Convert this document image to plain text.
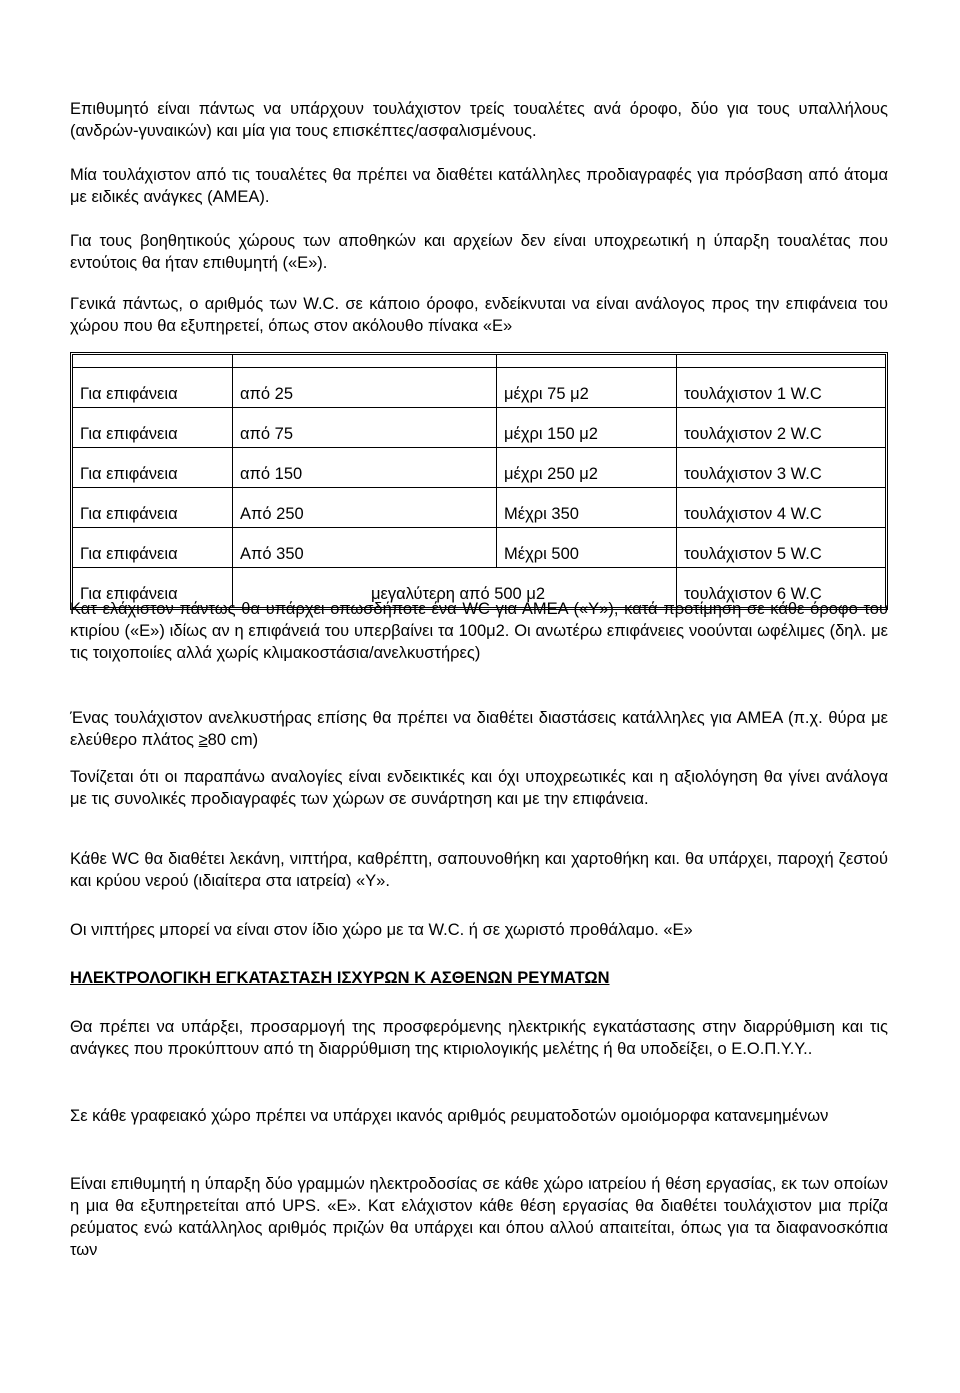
Επιθυμητό είναι πάντως να υπάρχουν τουλάχιστον τρείς τουαλέτες ανά όροφο, δύο για τους υπαλλήλους (ανδρών-γυναικών) και μία για τους επισκέπτες/ασφαλισμένους.

Μία τουλάχιστον από τις τουαλέτες θα πρέπει να διαθέτει κατάλληλες προδιαγραφές για πρόσβαση από άτομα με ειδικές ανάγκες (ΑΜΕΑ).

Για τους βοηθητικούς χώρους των αποθηκών και αρχείων δεν είναι υποχρεωτική η ύπαρξη τουαλέτας που εντούτοις θα ήταν επιθυμητή («Ε»).

Γενικά πάντως, ο αριθμός των W.C. σε κάποιο όροφο, ενδείκνυται να είναι ανάλογος προς την επιφάνεια του χώρου που θα εξυπηρετεί, όπως στον ακόλουθο πίνακα «Ε»

Για επιφάνεια	από 25	μέχρι 75 μ2	τουλάχιστον 1 W.C
Για επιφάνεια	από 75	μέχρι 150 μ2	τουλάχιστον 2 W.C
Για επιφάνεια	από 150	μέχρι 250 μ2	τουλάχιστον 3 W.C
Για επιφάνεια	Από 250	Μέχρι 350	τουλάχιστον 4 W.C
Για επιφάνεια	Από 350	Μέχρι 500	τουλάχιστον 5 W.C
Για επιφάνεια	μεγαλύτερη από 500 μ2		τουλάχιστον 6 W.C

Κατ ελάχιστον πάντως θα υπάρχει οπωσδήποτε ένα WC για ΑΜΕΑ («Υ»), κατά προτίμηση σε κάθε όροφο του κτιρίου («Ε») ιδίως αν η επιφάνειά του υπερβαίνει τα 100μ2. Οι ανωτέρω επιφάνειες νοούνται ωφέλιμες (δηλ. με τις τοιχοποιίες αλλά χωρίς κλιμακοστάσια/ανελκυστήρες)

Ένας τουλάχιστον ανελκυστήρας επίσης θα πρέπει να διαθέτει διαστάσεις κατάλληλες για ΑΜΕΑ (π.χ. θύρα με ελεύθερο πλάτος ≥80 cm)

Τονίζεται ότι οι παραπάνω αναλογίες είναι ενδεικτικές και όχι υποχρεωτικές και η αξιολόγηση θα γίνει ανάλογα με τις συνολικές προδιαγραφές των χώρων σε συνάρτηση και με την επιφάνεια.

Κάθε WC θα διαθέτει λεκάνη, νιπτήρα, καθρέπτη, σαπουνοθήκη και χαρτοθήκη και. θα υπάρχει, παροχή ζεστού και κρύου νερού (ιδιαίτερα στα ιατρεία) «Υ».

Οι νιπτήρες μπορεί να είναι στον ίδιο χώρο με τα W.C. ή σε χωριστό προθάλαμο. «Ε»

ΗΛΕΚΤΡΟΛΟΓΙΚΗ ΕΓΚΑΤΑΣΤΑΣΗ ΙΣΧΥΡΩΝ Κ ΑΣΘΕΝΩΝ ΡΕΥΜΑΤΩΝ

Θα πρέπει να υπάρξει, προσαρμογή της προσφερόμενης ηλεκτρικής εγκατάστασης στην διαρρύθμιση και τις ανάγκες που προκύπτουν από τη διαρρύθμιση της κτιριολογικής μελέτης ή θα υποδείξει, ο Ε.Ο.Π.Υ.Υ..

Σε κάθε γραφειακό χώρο πρέπει να υπάρχει ικανός αριθμός ρευματοδοτών ομοιόμορφα κατανεμημένων

Είναι επιθυμητή η ύπαρξη δύο γραμμών ηλεκτροδοσίας σε κάθε χώρο ιατρείου ή θέση εργασίας, εκ των οποίων η μια θα εξυπηρετείται από UPS. «Ε». Κατ ελάχιστον κάθε θέση εργασίας θα διαθέτει τουλάχιστον μια πρίζα ρεύματος ενώ κατάλληλος αριθμός πριζών θα υπάρχει και όπου αλλού απαιτείται, όπως για τα διαφανοσκόπια των
